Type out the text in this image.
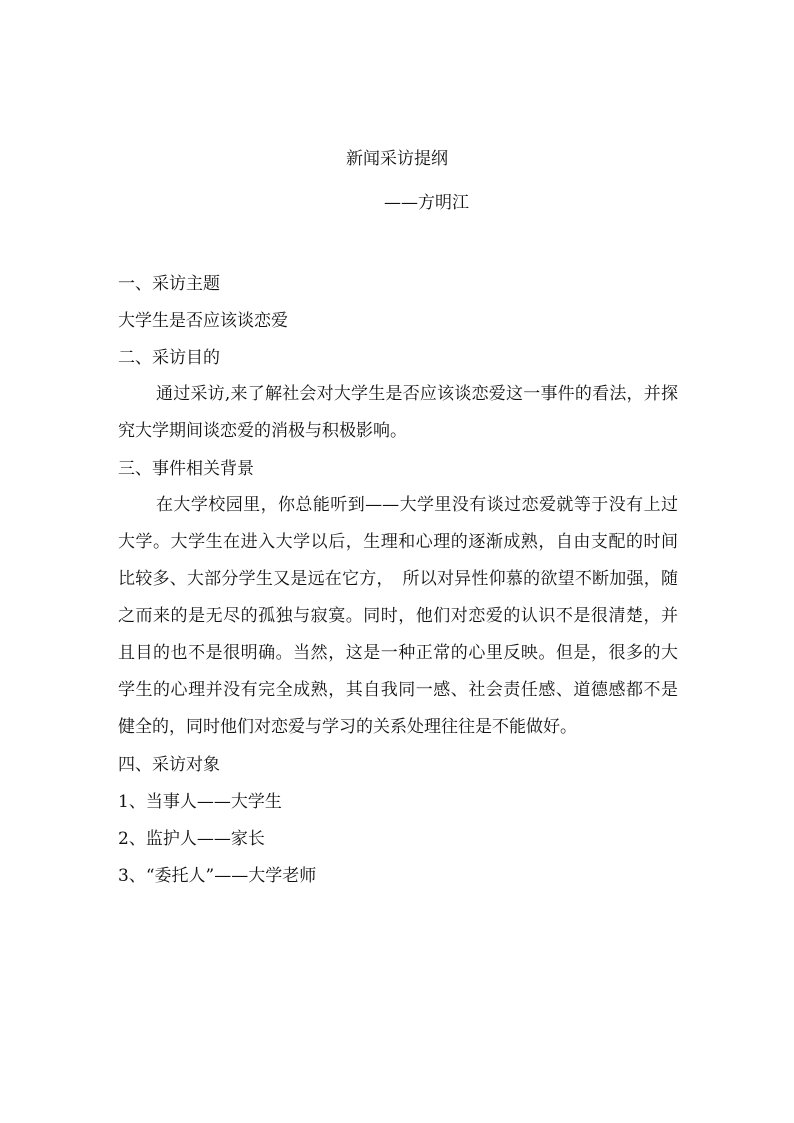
新闻采访提纲
——方明江
一、采访主题
大学生是否应该谈恋爱
二、采访目的

通过采访,来了解社会对大学生是否应该谈恋爱这一事件的看法，并探究大学期间谈恋爱的消极与积极影响。

三、事件相关背景

在大学校园里，你总能听到——大学里没有谈过恋爱就等于没有上过大学。大学生在进入大学以后，生理和心理的逐渐成熟，自由支配的时间比较多、大部分学生又是远在它方，　所以对异性仰慕的欲望不断加强，随之而来的是无尽的孤独与寂寞。同时，他们对恋爱的认识不是很清楚，并且目的也不是很明确。当然，这是一种正常的心里反映。但是，很多的大学生的心理并没有完全成熟，其自我同一感、社会责任感、道德感都不是健全的，同时他们对恋爱与学习的关系处理往往是不能做好。

四、采访对象
1、当事人——大学生
2、监护人——家长
3、“委托人”——大学老师
